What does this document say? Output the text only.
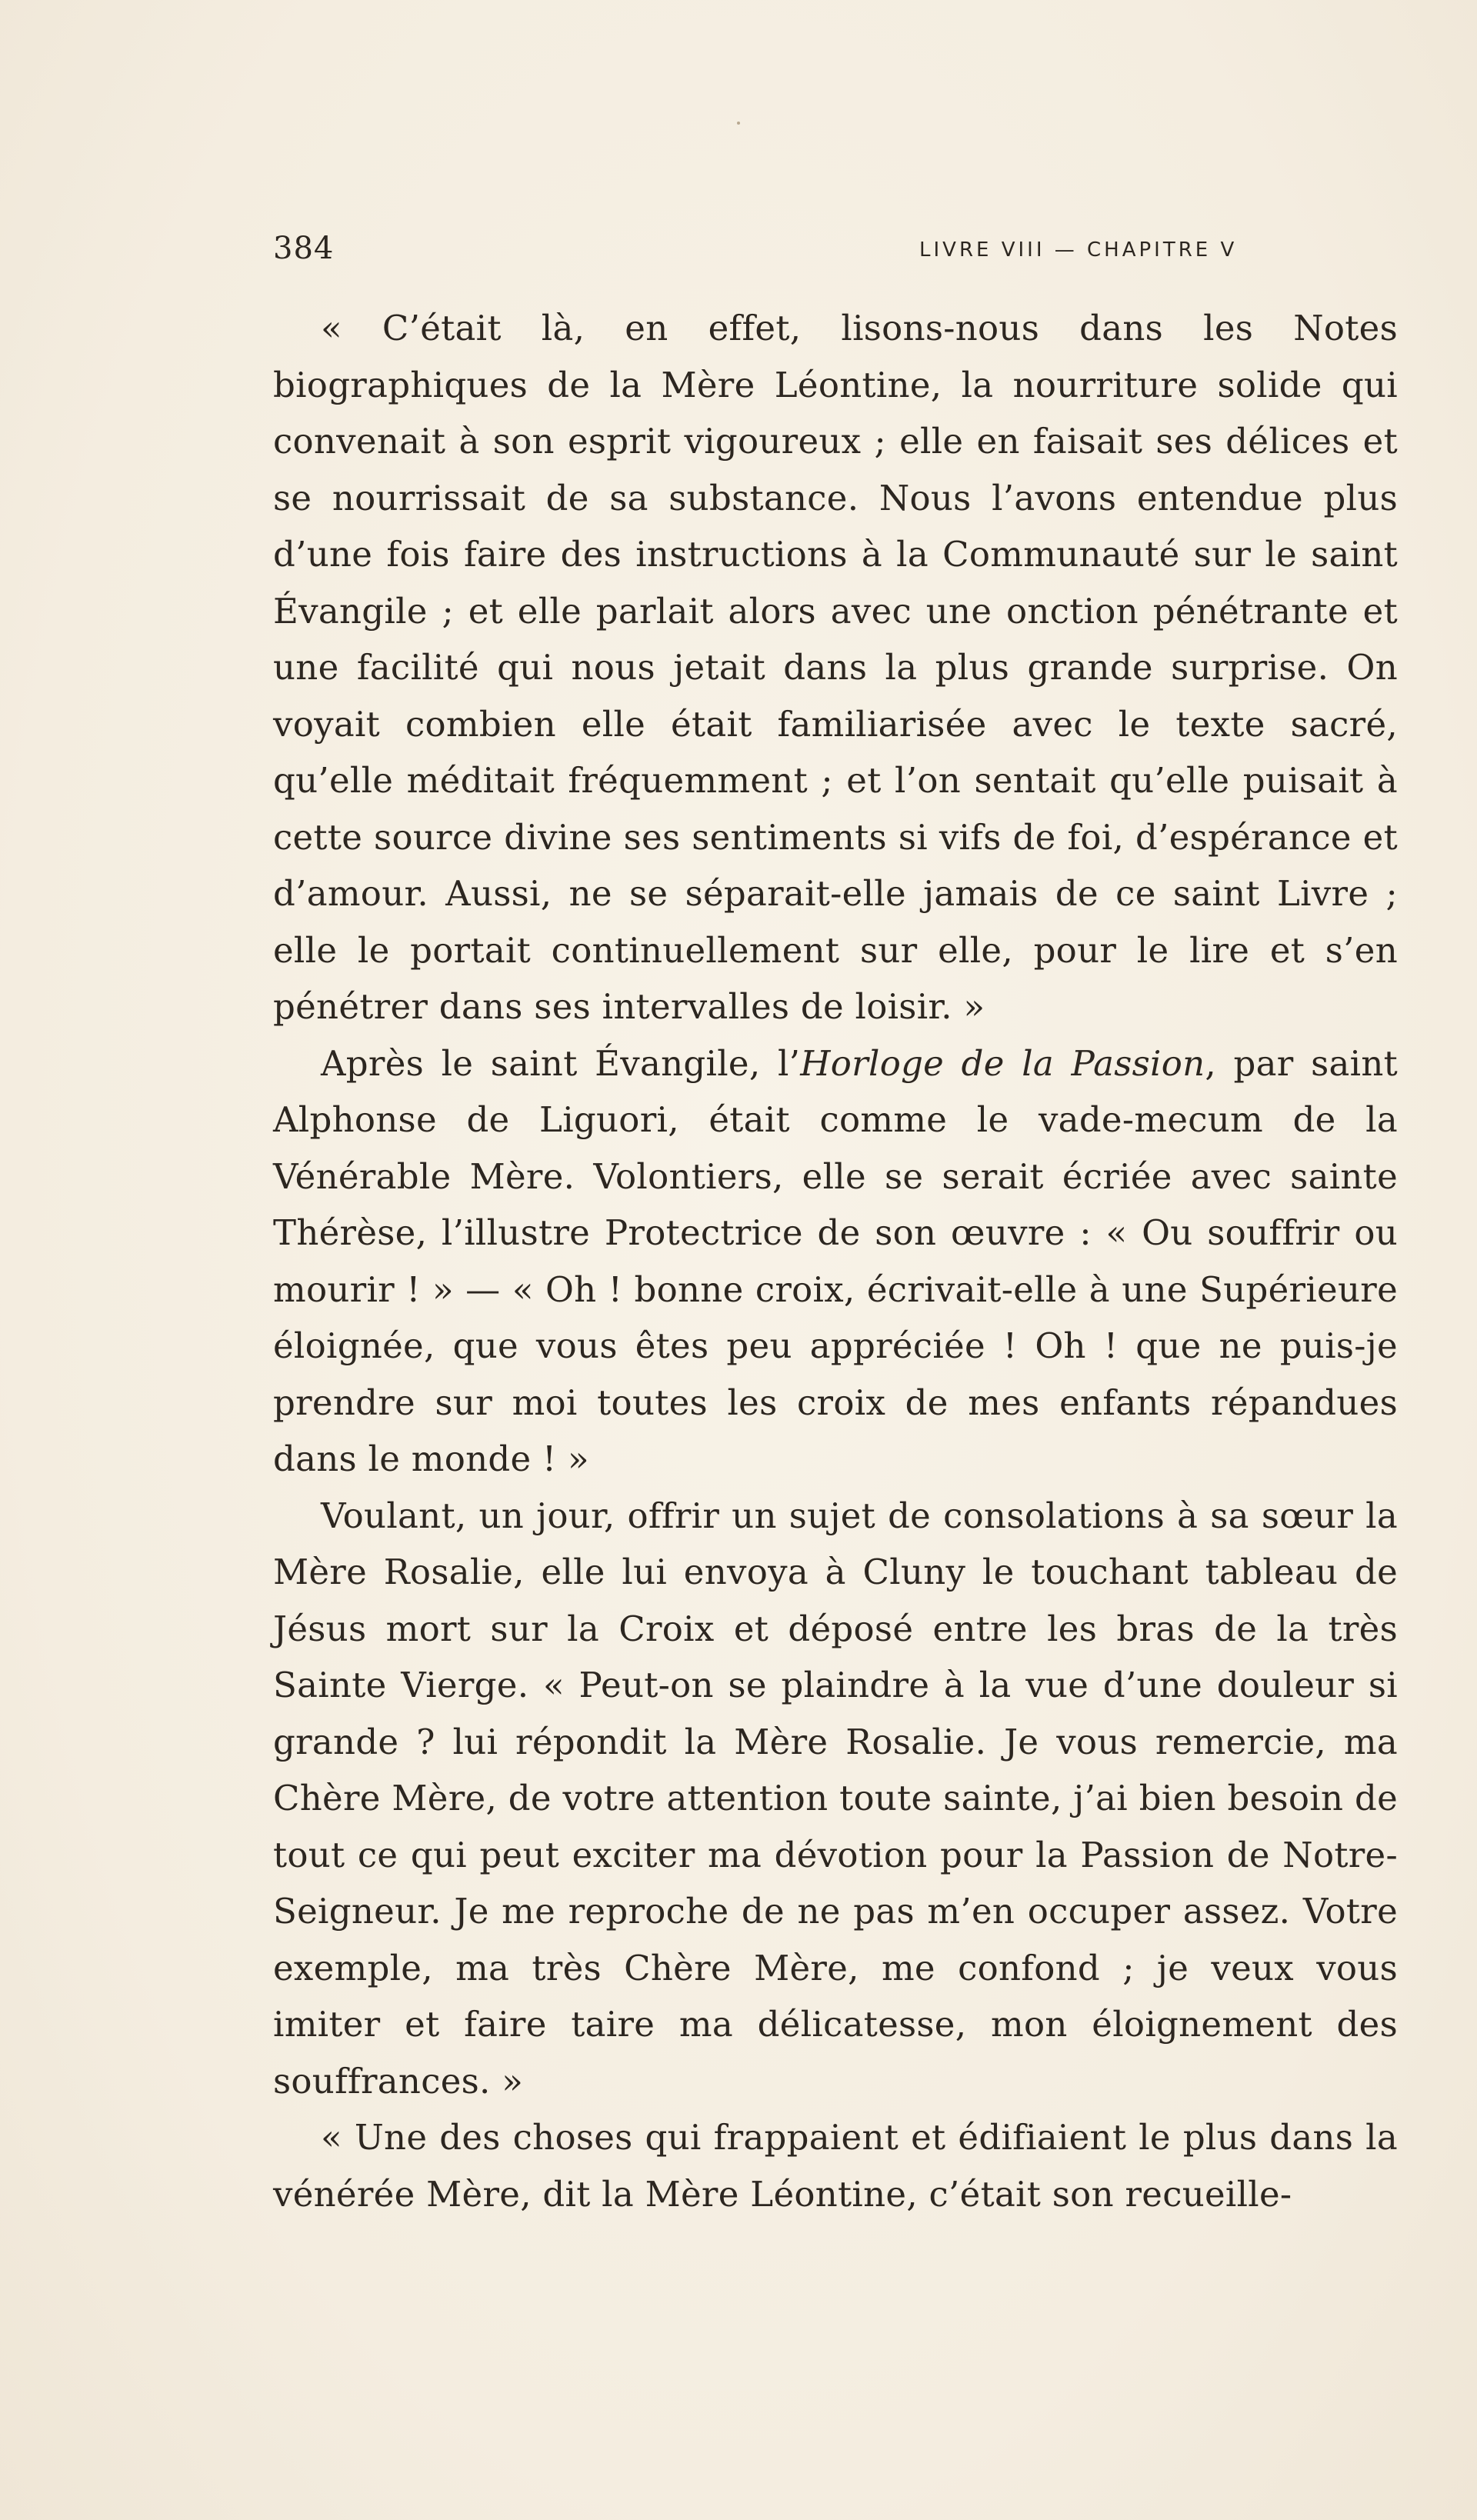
384	LIVRE VIII — CHAPITRE V

« C’était là, en effet, lisons-nous dans les Notes biographiques de la Mère Léontine, la nourriture solide qui convenait à son esprit vigoureux ; elle en faisait ses délices et se nourrissait de sa substance. Nous l’avons entendue plus d’une fois faire des instructions à la Communauté sur le saint Évangile ; et elle parlait alors avec une onction pénétrante et une facilité qui nous jetait dans la plus grande surprise. On voyait combien elle était familiarisée avec le texte sacré, qu’elle méditait fréquemment ; et l’on sentait qu’elle puisait à cette source divine ses sentiments si vifs de foi, d’espérance et d’amour. Aussi, ne se séparait-elle jamais de ce saint Livre ; elle le portait continuellement sur elle, pour le lire et s’en pénétrer dans ses intervalles de loisir. »

Après le saint Évangile, l’Horloge de la Passion, par saint Alphonse de Liguori, était comme le vade-mecum de la Vénérable Mère. Volontiers, elle se serait écriée avec sainte Thérèse, l’illustre Protectrice de son œuvre : « Ou souffrir ou mourir ! » — « Oh ! bonne croix, écrivait-elle à une Supérieure éloignée, que vous êtes peu appréciée ! Oh ! que ne puis-je prendre sur moi toutes les croix de mes enfants répandues dans le monde ! »

Voulant, un jour, offrir un sujet de consolations à sa sœur la Mère Rosalie, elle lui envoya à Cluny le touchant tableau de Jésus mort sur la Croix et déposé entre les bras de la très Sainte Vierge. « Peut-on se plaindre à la vue d’une douleur si grande ? lui répondit la Mère Rosalie. Je vous remercie, ma Chère Mère, de votre attention toute sainte, j’ai bien besoin de tout ce qui peut exciter ma dévotion pour la Passion de Notre-Seigneur. Je me reproche de ne pas m’en occuper assez. Votre exemple, ma très Chère Mère, me confond ; je veux vous imiter et faire taire ma délicatesse, mon éloignement des souffrances. »

« Une des choses qui frappaient et édifiaient le plus dans la vénérée Mère, dit la Mère Léontine, c’était son recueille-
